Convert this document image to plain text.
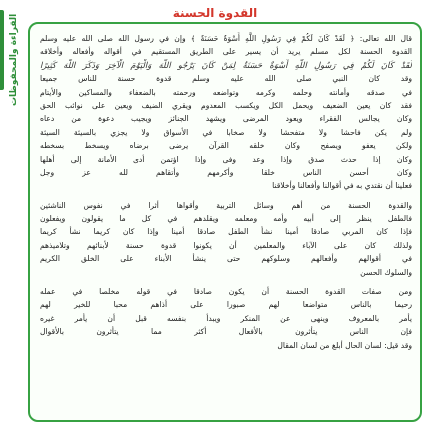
القراءة والمحفوظات
القدوة الحسنة
قال الله تعالى: ﴿ لَقَدْ كَانَ لَكُمْ فِي رَسُولِ اللَّهِ أُسْوَةٌ حَسَنَةٌ ﴾ وإن في رسول الله صلى الله عليه وسلم
القدوة الحسنة لكل مسلم يريد أن يسير على الطريق المستقيم في أقواله وأفعاله وأخلاقه
لَقَدْ كَانَ لَكُمْ فِي رَسُولِ اللَّهِ أُسْوَةٌ حَسَنَةٌ لِمَنْ كَانَ يَرْجُو اللَّهَ وَالْيَوْمَ الْآخِرَ وَذَكَرَ اللَّهَ كَثِيرًا
وقد كان النبي صلى الله عليه وسلم قدوة حسنة للناس جميعا
في صدقه وأمانته وحلمه وكرمه وتواضعه ورحمته بالضعفاء والمساكين والأيتام
فقد كان يعين الضعيف ويحمل الكل ويكسب المعدوم ويقري الضيف ويعين على نوائب الحق
وكان يجالس الفقراء ويعود المرضى ويشهد الجنائز ويجيب دعوة من دعاه
ولم يكن فاحشا ولا متفحشا ولا صخابا في الأسواق ولا يجزي بالسيئة السيئة
ولكن يعفو ويصفح وكان خلقه القرآن يرضى برضاه ويسخط بسخطه
وكان إذا حدث صدق وإذا وعد وفى وإذا اؤتمن أدى الأمانة إلى أهلها
وكان أحسن الناس خلقا وأكرمهم وأتقاهم لله عز وجل
فعلينا أن نقتدي به في أقوالنا وأفعالنا وأخلاقنا
والقدوة الحسنة من أهم وسائل التربية وأقواها أثرا في نفوس الناشئين
فالطفل ينظر إلى أبيه وأمه ومعلمه ويقلدهم في كل ما يقولون ويفعلون
فإذا كان المربي صادقا أمينا نشأ الطفل صادقا أمينا وإذا كان كريما نشأ كريما
ولذلك كان على الآباء والمعلمين أن يكونوا قدوة حسنة لأبنائهم وتلاميذهم
في أقوالهم وأفعالهم وسلوكهم حتى ينشأ الأبناء على الخلق الكريم
والسلوك الحسن
ومن صفات القدوة الحسنة أن يكون صادقا في قوله مخلصا في عمله
رحيما بالناس متواضعا لهم صبورا على أذاهم محبا للخير لهم
يأمر بالمعروف وينهى عن المنكر ويبدأ بنفسه قبل أن يأمر غيره
فإن الناس يتأثرون بالأفعال أكثر مما يتأثرون بالأقوال
وقد قيل: لسان الحال أبلغ من لسان المقال
